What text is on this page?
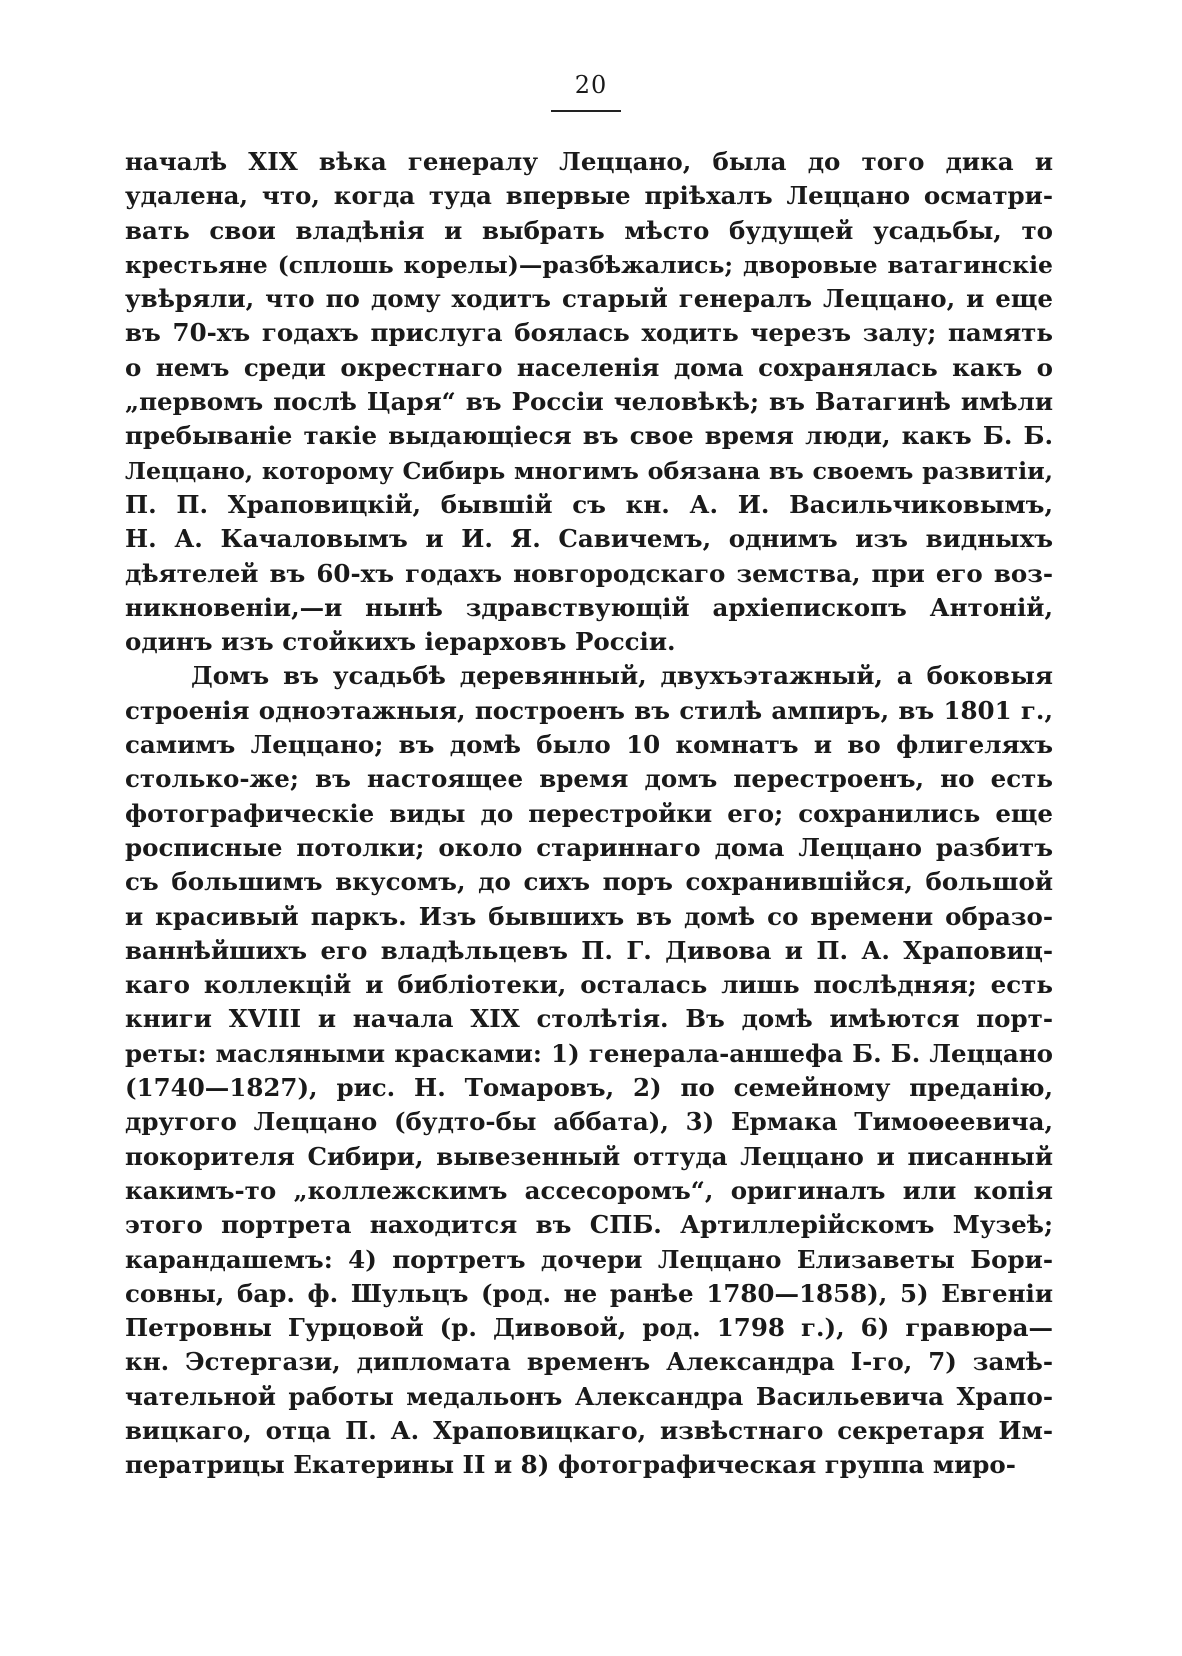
20
началѣ XIX вѣка генералу Леццано, была до того дика и
удалена, что, когда туда впервые пріѣхалъ Леццано осматри-
вать свои владѣнія и выбрать мѣсто будущей усадьбы, то
крестьяне (сплошь корелы)—разбѣжались; дворовые ватагинскіе
увѣряли, что по дому ходитъ старый генералъ Леццано, и еще
въ 70-хъ годахъ прислуга боялась ходить черезъ залу; память
о немъ среди окрестнаго населенія дома сохранялась какъ о
„первомъ послѣ Царя“ въ Россіи человѣкѣ; въ Ватагинѣ имѣли
пребываніе такіе выдающіеся въ свое время люди, какъ Б. Б.
Леццано, которому Сибирь многимъ обязана въ своемъ развитіи,
П. П. Храповицкій, бывшій съ кн. А. И. Васильчиковымъ,
Н. А. Качаловымъ и И. Я. Савичемъ, однимъ изъ видныхъ
дѣятелей въ 60-хъ годахъ новгородскаго земства, при его воз-
никновеніи,—и нынѣ здравствующій архіепископъ Антоній,
одинъ изъ стойкихъ іерарховъ Россіи.
Домъ въ усадьбѣ деревянный, двухъэтажный, а боковыя
строенія одноэтажныя, построенъ въ стилѣ ампиръ, въ 1801 г.,
самимъ Леццано; въ домѣ было 10 комнатъ и во флигеляхъ
столько-же; въ настоящее время домъ перестроенъ, но есть
фотографическіе виды до перестройки его; сохранились еще
росписные потолки; около стариннаго дома Леццано разбитъ
съ большимъ вкусомъ, до сихъ поръ сохранившійся, большой
и красивый паркъ. Изъ бывшихъ въ домѣ со времени образо-
ваннѣйшихъ его владѣльцевъ П. Г. Дивова и П. А. Храповиц-
каго коллекцій и библіотеки, осталась лишь послѣдняя; есть
книги XVIII и начала XIX столѣтія. Въ домѣ имѣются порт-
реты: масляными красками: 1) генерала-аншефа Б. Б. Леццано
(1740—1827), рис. Н. Томаровъ, 2) по семейному преданію,
другого Леццано (будто-бы аббата), 3) Ермака Тимоѳеевича,
покорителя Сибири, вывезенный оттуда Леццано и писанный
какимъ-то „коллежскимъ ассесоромъ“, оригиналъ или копія
этого портрета находится въ СПБ. Артиллерійскомъ Музеѣ;
карандашемъ: 4) портретъ дочери Леццано Елизаветы Бори-
совны, бар. ф. Шульцъ (род. не ранѣе 1780—1858), 5) Евгеніи
Петровны Гурцовой (р. Дивовой, род. 1798 г.), 6) гравюра—
кн. Эстергази, дипломата временъ Александра I-го, 7) замѣ-
чательной работы медальонъ Александра Васильевича Храпо-
вицкаго, отца П. А. Храповицкаго, извѣстнаго секретаря Им-
ператрицы Екатерины II и 8) фотографическая группа миро-
